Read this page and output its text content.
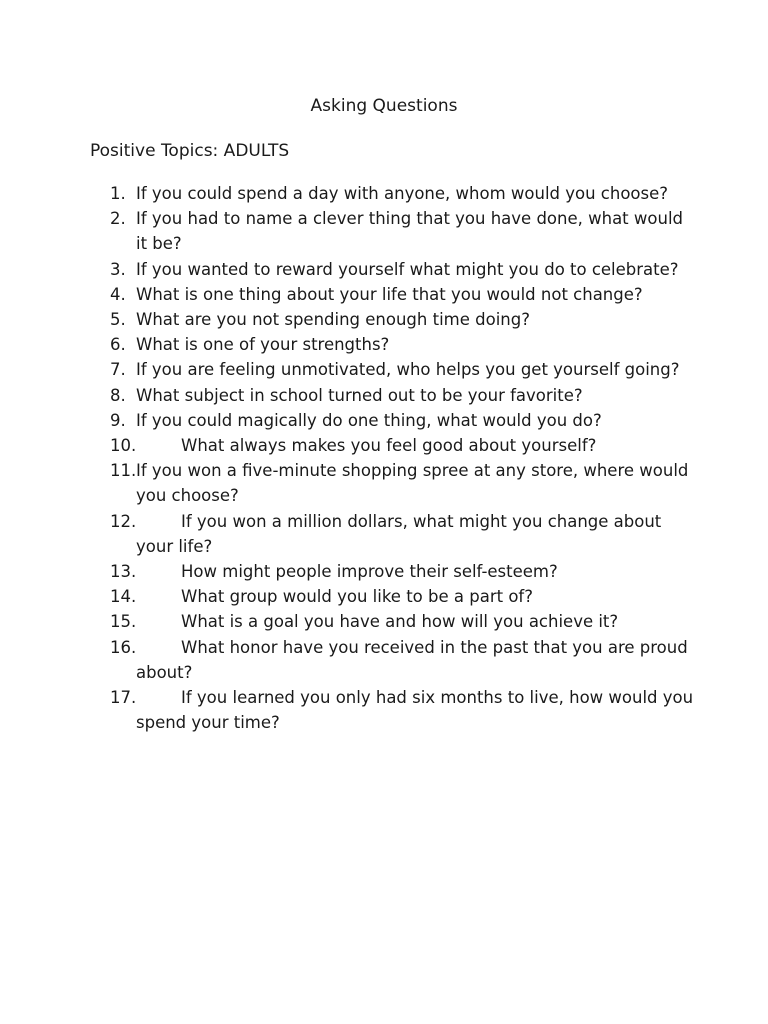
Asking Questions
Positive Topics: ADULTS
1. If you could spend a day with anyone, whom would you choose?
2. If you had to name a clever thing that you have done, what would it be?
3. If you wanted to reward yourself what might you do to celebrate?
4. What is one thing about your life that you would not change?
5. What are you not spending enough time doing?
6. What is one of your strengths?
7. If you are feeling unmotivated, who helps you get yourself going?
8. What subject in school turned out to be your favorite?
9. If you could magically do one thing, what would you do?
10.	What always makes you feel good about yourself?
11. If you won a five-minute shopping spree at any store, where would you choose?
12.	If you won a million dollars, what might you change about your life?
13.	How might people improve their self-esteem?
14.	What group would you like to be a part of?
15.	What is a goal you have and how will you achieve it?
16.	What honor have you received in the past that you are proud about?
17.	If you learned you only had six months to live, how would you spend your time?
